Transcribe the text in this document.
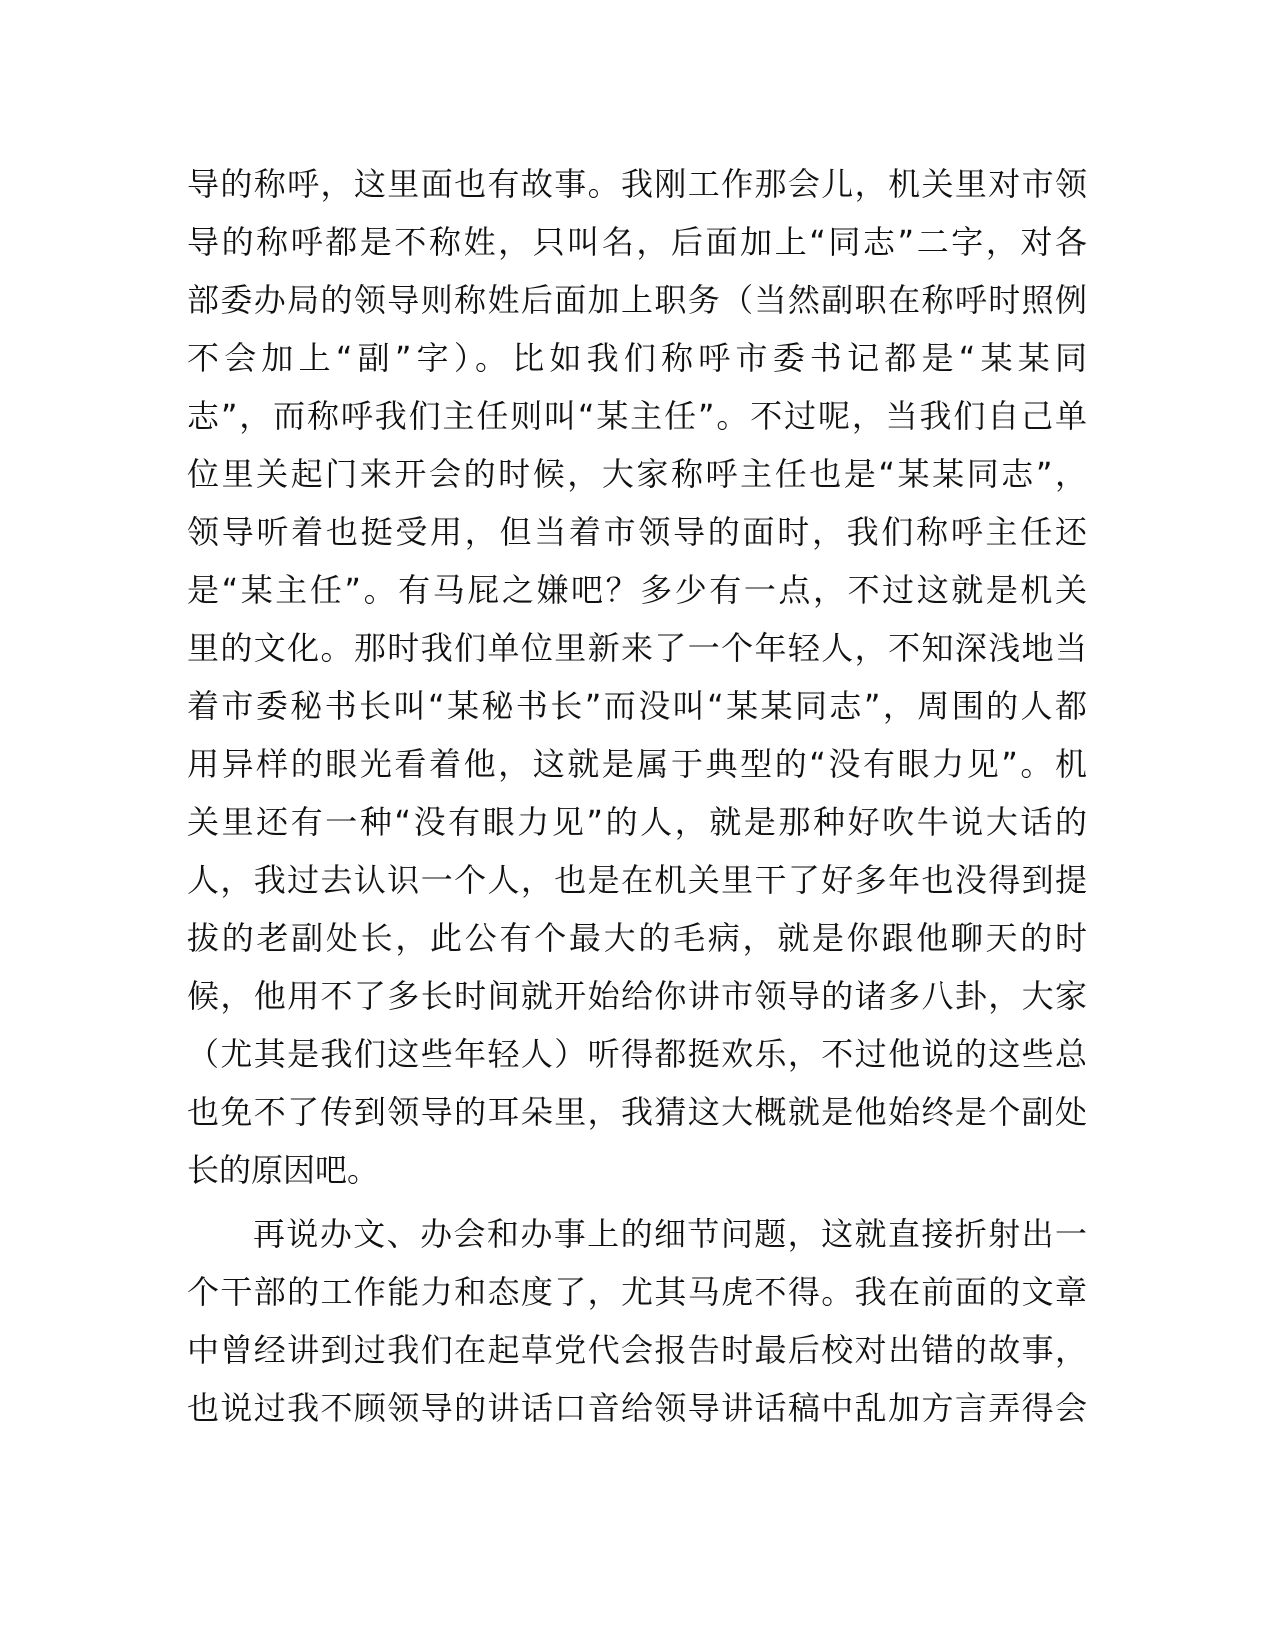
导的称呼，这里面也有故事。我刚工作那会儿，机关里对市领
导的称呼都是不称姓，只叫名，后面加上“同志”二字，对各
部委办局的领导则称姓后面加上职务（当然副职在称呼时照例
不会加上“副”字）。比如我们称呼市委书记都是“某某同
志”，而称呼我们主任则叫“某主任”。不过呢，当我们自己单
位里关起门来开会的时候，大家称呼主任也是“某某同志”，
领导听着也挺受用，但当着市领导的面时，我们称呼主任还
是“某主任”。有马屁之嫌吧？多少有一点，不过这就是机关
里的文化。那时我们单位里新来了一个年轻人，不知深浅地当
着市委秘书长叫“某秘书长”而没叫“某某同志”，周围的人都
用异样的眼光看着他，这就是属于典型的“没有眼力见”。机
关里还有一种“没有眼力见”的人，就是那种好吹牛说大话的
人，我过去认识一个人，也是在机关里干了好多年也没得到提
拔的老副处长，此公有个最大的毛病，就是你跟他聊天的时
候，他用不了多长时间就开始给你讲市领导的诸多八卦，大家
（尤其是我们这些年轻人）听得都挺欢乐，不过他说的这些总
也免不了传到领导的耳朵里，我猜这大概就是他始终是个副处
长的原因吧。
再说办文、办会和办事上的细节问题，这就直接折射出一
个干部的工作能力和态度了，尤其马虎不得。我在前面的文章
中曾经讲到过我们在起草党代会报告时最后校对出错的故事，
也说过我不顾领导的讲话口音给领导讲话稿中乱加方言弄得会
